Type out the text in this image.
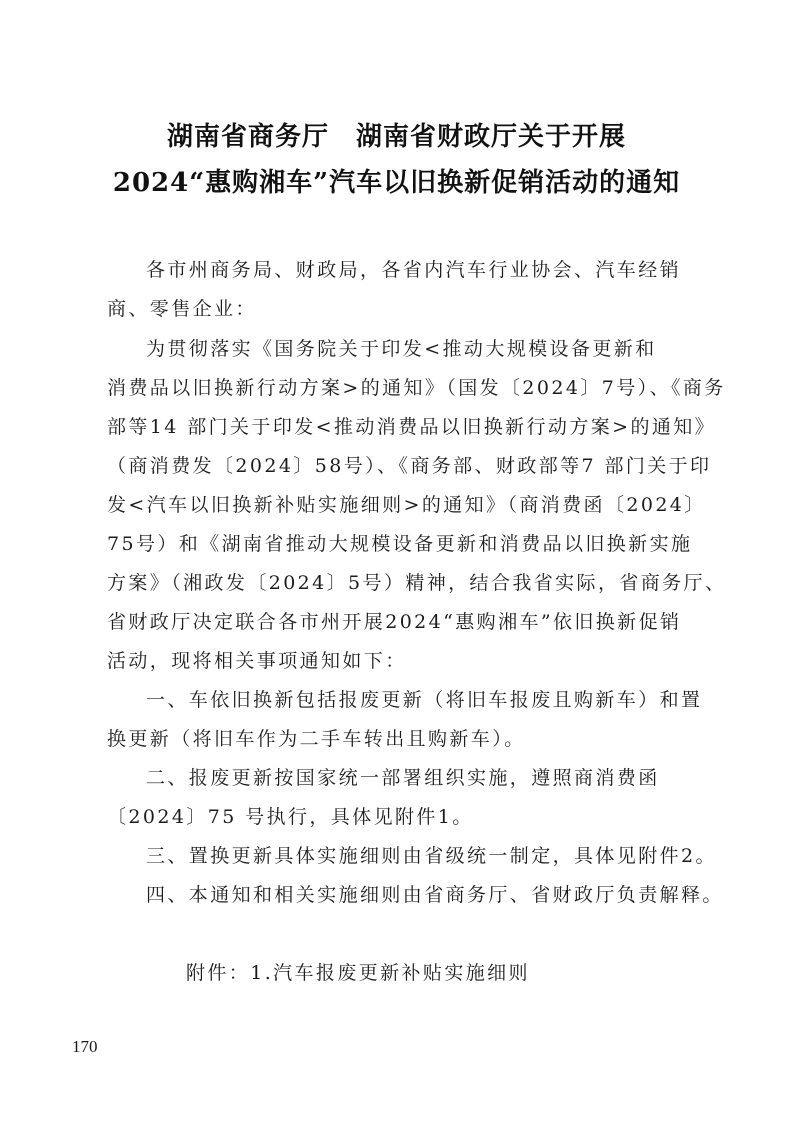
湖南省商务厅　湖南省财政厅关于开展
2024“惠购湘车”汽车以旧换新促销活动的通知
各市州商务局、财政局，各省内汽车行业协会、汽车经销
商、零售企业：
为贯彻落实《国务院关于印发<推动大规模设备更新和
消费品以旧换新行动方案>的通知》（国发〔2024〕7号）、《商务
部等14 部门关于印发<推动消费品以旧换新行动方案>的通知》
（商消费发〔2024〕58号）、《商务部、财政部等7 部门关于印
发<汽车以旧换新补贴实施细则>的通知》（商消费函〔2024〕
75号）和《湖南省推动大规模设备更新和消费品以旧换新实施
方案》（湘政发〔2024〕5号）精神，结合我省实际，省商务厅、
省财政厅决定联合各市州开展2024“惠购湘车”依旧换新促销
活动，现将相关事项通知如下：
一、车依旧换新包括报废更新（将旧车报废且购新车）和置
换更新（将旧车作为二手车转出且购新车）。
二、报废更新按国家统一部署组织实施，遵照商消费函
〔2024〕75 号执行，具体见附件1。
三、置换更新具体实施细则由省级统一制定，具体见附件2。
四、本通知和相关实施细则由省商务厅、省财政厅负责解释。
附件：1.汽车报废更新补贴实施细则
170
